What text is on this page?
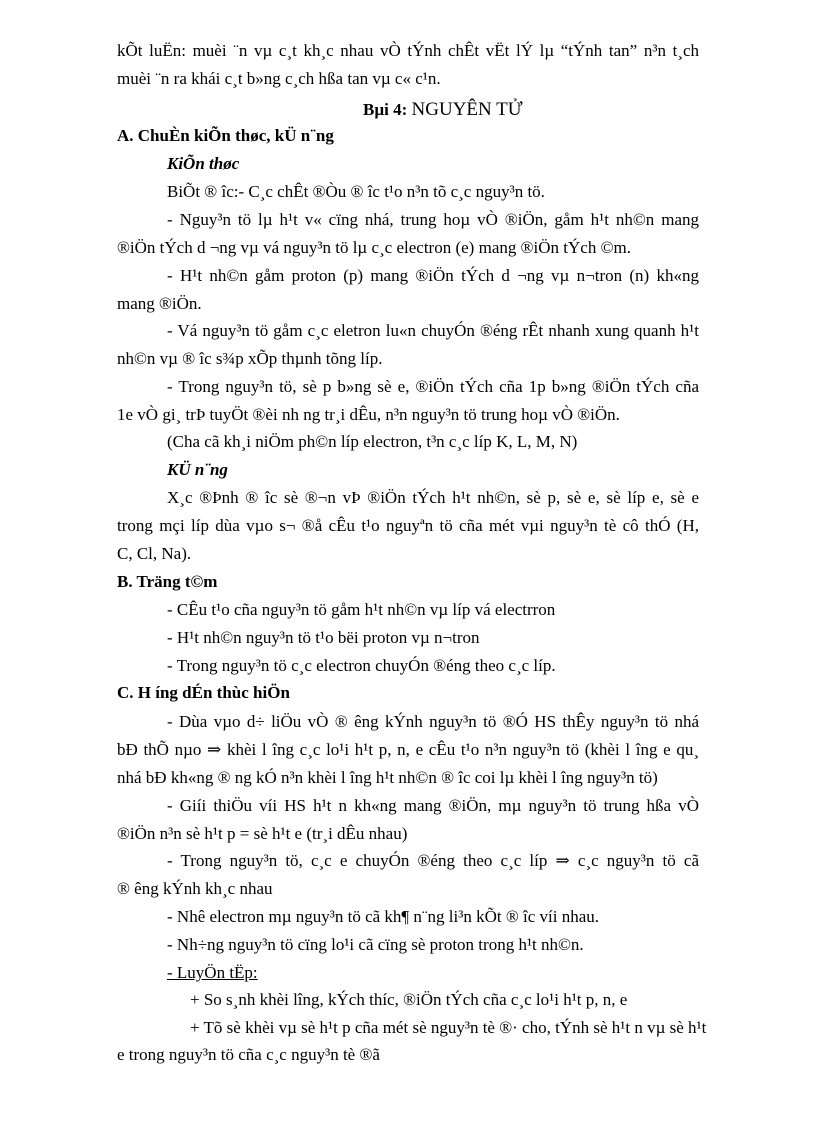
kÕt luËn: muèi ¨n vµ c¸t kh¸c nhau vÒ tÝnh chÊt vËt lÝ lµ “tÝnh tan” n³n t¸ch
muèi ¨n ra khái c¸t b»ng c¸ch hßa tan vµ c« c¹n.
Bµi 4: NGUYÊN TỬ
A. ChuÈn kiÕn thøc, kÜ n¨ng
KiÕn thøc
BiÕt ® îc:- C¸c chÊt ®Òu ® îc t¹o n³n tõ c¸c nguy³n tö.
- Nguy³n tö lµ h¹t v« cïng nhá, trung hoµ vÒ ®iÖn, gåm h¹t nh©n mang
®iÖn tÝch d ¬ng vµ vá nguy³n tö lµ c¸c electron (e) mang ®iÖn tÝch ©m.
- H¹t nh©n gåm proton (p) mang ®iÖn tÝch d ¬ng vµ n¬tron (n) kh«ng
mang ®iÖn.
- Vá nguy³n tö gåm c¸c eletron lu«n chuyÓn ®éng rÊt nhanh xung quanh h¹t
nh©n vµ ® îc s¾p xÕp thµnh tõng líp.
- Trong nguy³n tö, sè p b»ng sè e, ®iÖn tÝch cña 1p b»ng ®iÖn tÝch cña
1e vÒ gi¸ trÞ tuyÖt ®èi nh ng tr¸i dÊu, n³n nguy³n tö trung hoµ vÒ ®iÖn.
(Cha cã kh¸i niÖm ph©n líp electron, t³n c¸c líp K, L, M, N)
KÜ n¨ng
X¸c ®Þnh ® îc sè ®¬n vÞ ®iÖn tÝch h¹t nh©n, sè p, sè e, sè líp e, sè e
trong mçi líp dùa vµo s¬ ®å cÊu t¹o nguyªn tö cña mét vµi nguy³n tè cô thÓ (H,
C, Cl, Na).
B. Träng t©m
- CÊu t¹o cña nguy³n tö gåm h¹t nh©n vµ líp vá electrron
- H¹t nh©n nguy³n tö t¹o bëi proton vµ n¬tron
- Trong nguy³n tö c¸c electron chuyÓn ®éng theo c¸c líp.
C. H íng dÉn thùc hiÖn
- Dùa vµo d÷ liÖu vÒ ® êng kÝnh nguy³n tö ®Ó HS thÊy nguy³n tö nhá
bÐ thÕ nµo ⇒ khèi l îng c¸c lo¹i h¹t p, n, e cÊu t¹o n³n nguy³n tö (khèi l îng e qu¸
nhá bÐ kh«ng ® ng kÓ n³n khèi l îng h¹t nh©n ® îc coi lµ khèi l îng nguy³n tö)
- Giíi thiÖu víi HS h¹t n kh«ng mang ®iÖn, mµ nguy³n tö trung hßa vÒ
®iÖn n³n sè h¹t p = sè h¹t e (tr¸i dÊu nhau)
- Trong nguy³n tö, c¸c e chuyÓn ®éng theo c¸c líp ⇒ c¸c nguy³n tö cã
® êng kÝnh kh¸c nhau
- Nhê electron mµ nguy³n tö cã kh¶ n¨ng li³n kÕt ® îc víi nhau.
- Nh÷ng nguy³n tö cïng lo¹i cã cïng sè proton trong h¹t nh©n.
- LuyÖn tËp:
+ So s¸nh khèi lîng, kÝch thíc, ®iÖn tÝch cña c¸c lo¹i h¹t p, n, e
+ Tõ sè khèi vµ sè h¹t p cña mét sè nguy³n tè ®· cho, tÝnh sè h¹t n vµ sè h¹t
e trong nguy³n tö cña c¸c nguy³n tè ®ã
